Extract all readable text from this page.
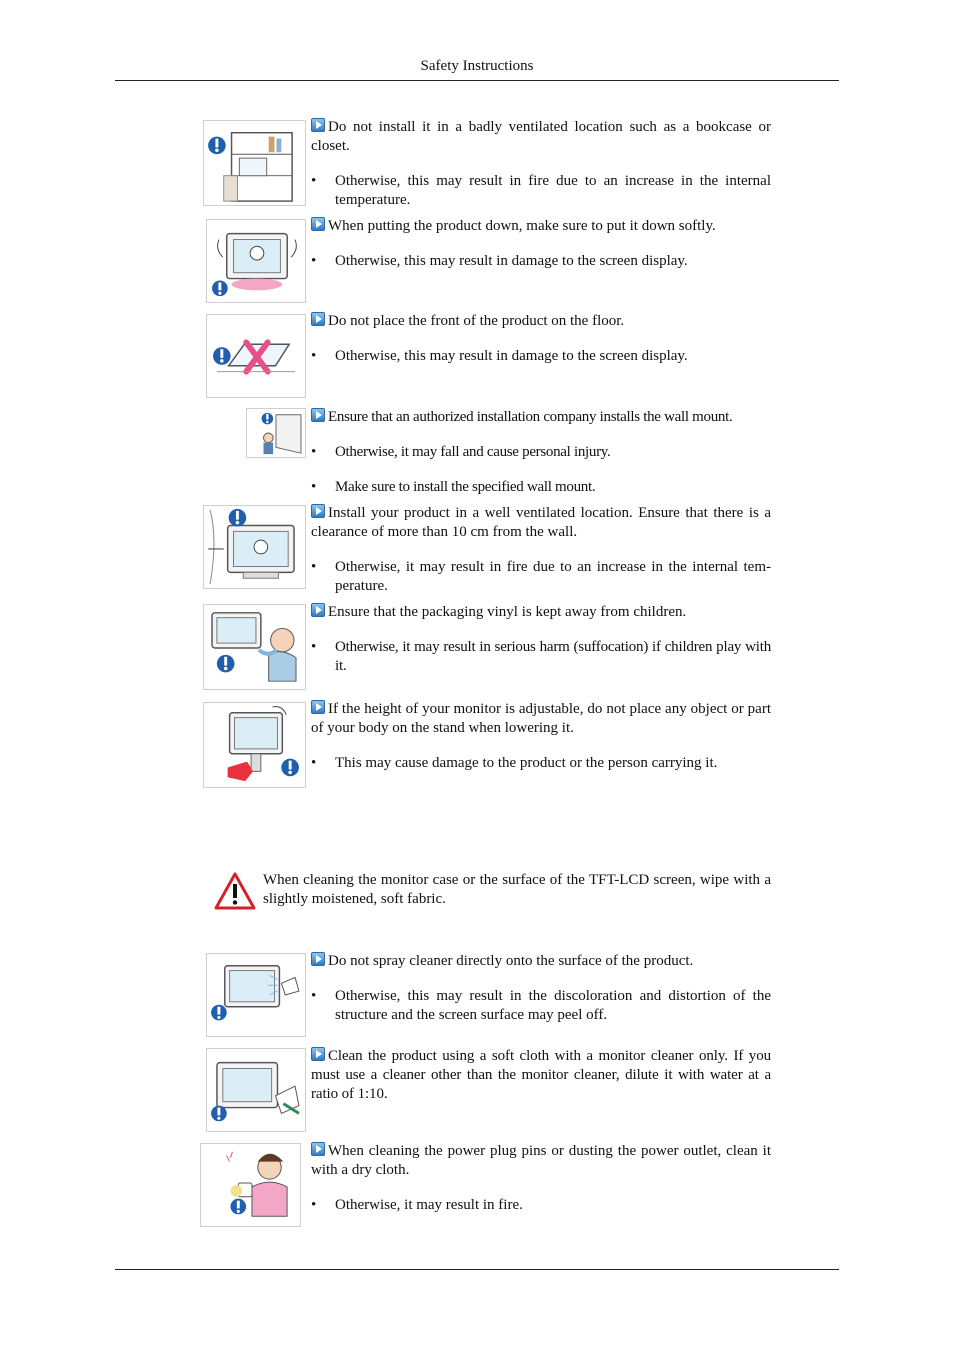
Safety Instructions

Do not install it in a badly ventilated location such as a bookcase or closet.

• Otherwise, this may result in fire due to an increase in the internal temperature.

When putting the product down, make sure to put it down softly.

• Otherwise, this may result in damage to the screen display.

Do not place the front of the product on the floor.

• Otherwise, this may result in damage to the screen display.

Ensure that an authorized installation company installs the wall mount.

• Otherwise, it may fall and cause personal injury.

• Make sure to install the specified wall mount.

Install your product in a well ventilated location. Ensure that there is a clearance of more than 10 cm from the wall.

• Otherwise, it may result in fire due to an increase in the internal tem-perature.

Ensure that the packaging vinyl is kept away from children.

• Otherwise, it may result in serious harm (suffocation) if children play with it.

If the height of your monitor is adjustable, do not place any object or part of your body on the stand when lowering it.

• This may cause damage to the product or the person carrying it.

When cleaning the monitor case or the surface of the TFT-LCD screen, wipe with a slightly moistened, soft fabric.

Do not spray cleaner directly onto the surface of the product.

• Otherwise, this may result in the discoloration and distortion of the structure and the screen surface may peel off.

Clean the product using a soft cloth with a monitor cleaner only. If you must use a cleaner other than the monitor cleaner, dilute it with water at a ratio of 1:10.

When cleaning the power plug pins or dusting the power outlet, clean it with a dry cloth.

• Otherwise, it may result in fire.
